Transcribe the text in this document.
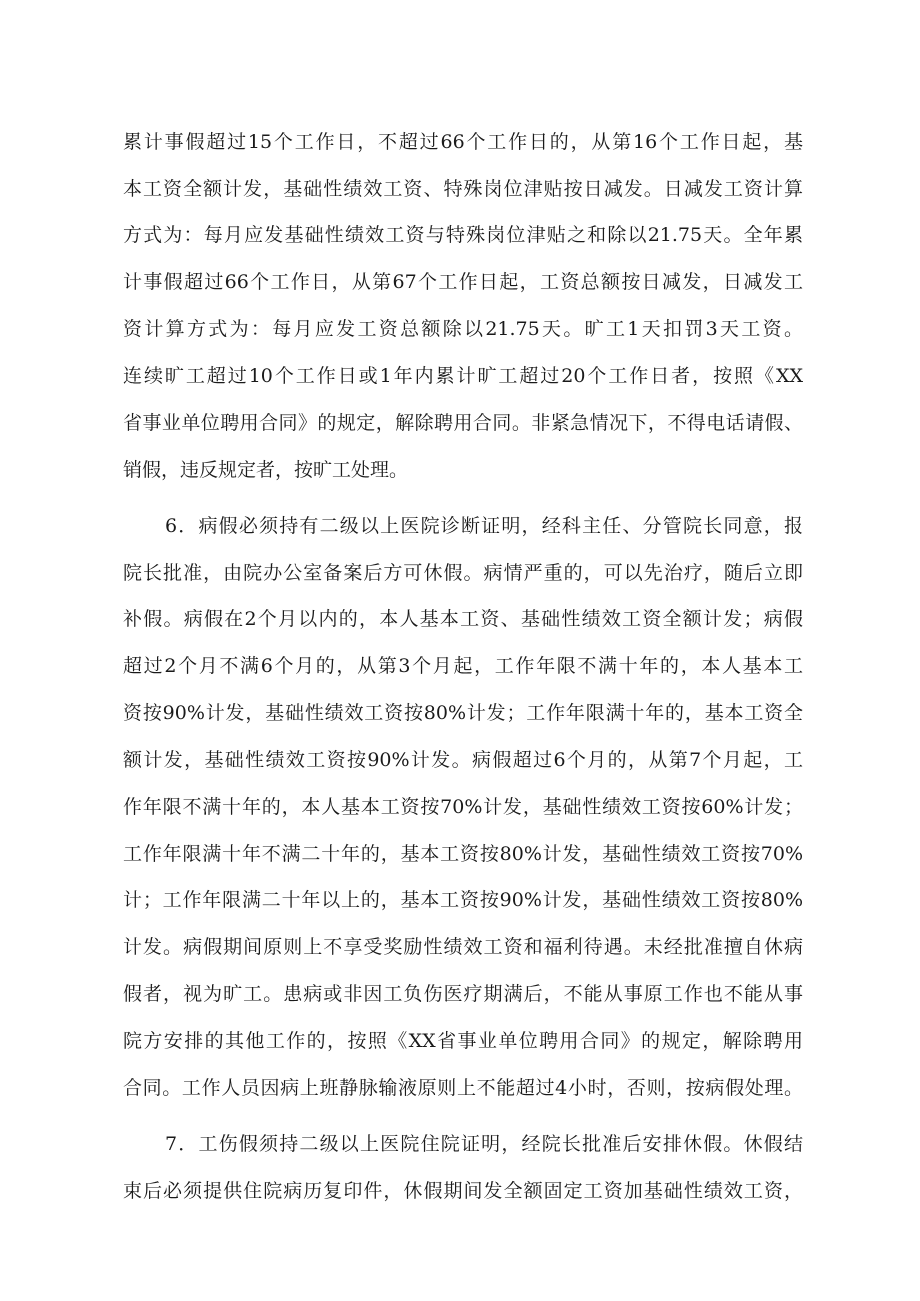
累计事假超过15个工作日，不超过66个工作日的，从第16个工作日起，基
本工资全额计发，基础性绩效工资、特殊岗位津贴按日减发。日减发工资计算
方式为：每月应发基础性绩效工资与特殊岗位津贴之和除以21.75天。全年累
计事假超过66个工作日，从第67个工作日起，工资总额按日减发，日减发工
资计算方式为：每月应发工资总额除以21.75天。旷工1天扣罚3天工资。
连续旷工超过10个工作日或1年内累计旷工超过20个工作日者，按照《XX
省事业单位聘用合同》的规定，解除聘用合同。非紧急情况下，不得电话请假、
销假，违反规定者，按旷工处理。
6．病假必须持有二级以上医院诊断证明，经科主任、分管院长同意，报
院长批准，由院办公室备案后方可休假。病情严重的，可以先治疗，随后立即
补假。病假在2个月以内的，本人基本工资、基础性绩效工资全额计发；病假
超过2个月不满6个月的，从第3个月起，工作年限不满十年的，本人基本工
资按90%计发，基础性绩效工资按80%计发；工作年限满十年的，基本工资全
额计发，基础性绩效工资按90%计发。病假超过6个月的，从第7个月起，工
作年限不满十年的，本人基本工资按70%计发，基础性绩效工资按60%计发；
工作年限满十年不满二十年的，基本工资按80%计发，基础性绩效工资按70%
计；工作年限满二十年以上的，基本工资按90%计发，基础性绩效工资按80%
计发。病假期间原则上不享受奖励性绩效工资和福利待遇。未经批准擅自休病
假者，视为旷工。患病或非因工负伤医疗期满后，不能从事原工作也不能从事
院方安排的其他工作的，按照《XX省事业单位聘用合同》的规定，解除聘用
合同。工作人员因病上班静脉输液原则上不能超过4小时，否则，按病假处理。
7．工伤假须持二级以上医院住院证明，经院长批准后安排休假。休假结
束后必须提供住院病历复印件，休假期间发全额固定工资加基础性绩效工资，
